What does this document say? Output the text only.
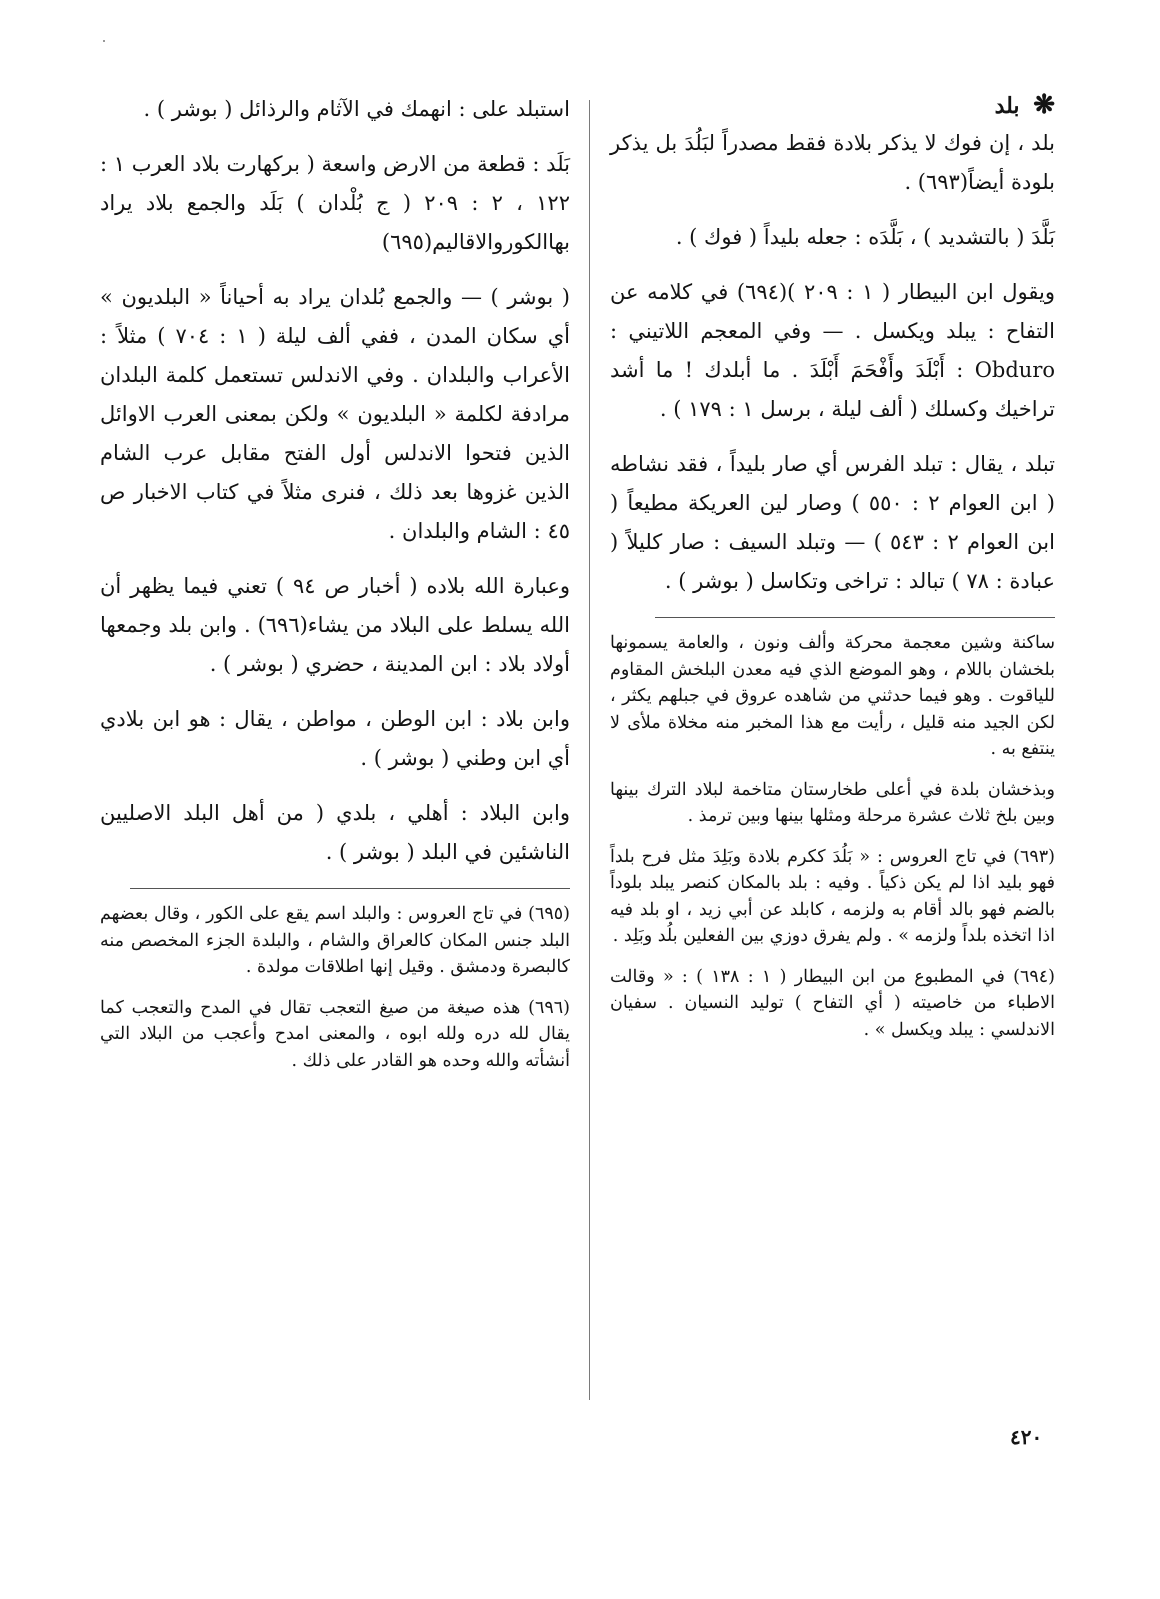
❋ بلد

بلد ، إن فوك لا يذكر بلادة فقط مصدراً لبَلُدَ بل يذكر بلودة أيضاً(٦٩٣) .

بَلَّدَ ( بالتشديد ) ، بَلَّدَه : جعله بليداً ( فوك ) .

ويقول ابن البيطار ( ١ : ٢٠٩ )(٦٩٤) في كلامه عن التفاح : يبلد ويكسل . — وفي المعجم اللاتيني : Obduro : أَبْلَدَ وأَفْحَمَ أَبْلَدَ . ما أبلدك ! ما أشد تراخيك وكسلك ( ألف ليلة ، برسل ١ : ١٧٩ ) .

تبلد ، يقال : تبلد الفرس أي صار بليداً ، فقد نشاطه ( ابن العوام ٢ : ٥٥٠ ) وصار لين العريكة مطيعاً ( ابن العوام ٢ : ٥٤٣ ) — وتبلد السيف : صار كليلاً ( عبادة : ٧٨ ) تبالد : تراخى وتكاسل ( بوشر ) .

ساكنة وشين معجمة محركة وألف ونون ، والعامة يسمونها بلخشان باللام ، وهو الموضع الذي فيه معدن البلخش المقاوم للياقوت . وهو فيما حدثني من شاهده عروق في جبلهم يكثر ، لكن الجيد منه قليل ، رأيت مع هذا المخبر منه مخلاة ملأى لا ينتفع به .

وبذخشان بلدة في أعلى طخارستان متاخمة لبلاد الترك بينها وبين بلخ ثلاث عشرة مرحلة ومثلها بينها وبين ترمذ .

(٦٩٣) في تاج العروس : « بَلُدَ ككرم بلادة وبَلِدَ مثل فرح بلداً فهو بليد اذا لم يكن ذكياً . وفيه : بلد بالمكان كنصر يبلد بلوداً بالضم فهو بالد أقام به ولزمه ، كابلد عن أبي زيد ، او بلد فيه اذا اتخذه بلداً ولزمه » . ولم يفرق دوزي بين الفعلين بلُد وبَلِد .

(٦٩٤) في المطبوع من ابن البيطار ( ١ : ١٣٨ ) : « وقالت الاطباء من خاصيته ( أي التفاح ) توليد النسيان . سفيان الاندلسي : يبلد ويكسل » .

استبلد على : انهمك في الآثام والرذائل ( بوشر ) .

بَلَد : قطعة من الارض واسعة ( بركهارت بلاد العرب ١ : ١٢٢ ، ٢ : ٢٠٩ ( ج بُلْدان ) بَلَد والجمع بلاد يراد بهاالكوروالاقاليم(٦٩٥)

( بوشر ) — والجمع بُلدان يراد به أحياناً « البلديون » أي سكان المدن ، ففي ألف ليلة ( ١ : ٧٠٤ ) مثلاً : الأعراب والبلدان . وفي الاندلس تستعمل كلمة البلدان مرادفة لكلمة « البلديون » ولكن بمعنى العرب الاوائل الذين فتحوا الاندلس أول الفتح مقابل عرب الشام الذين غزوها بعد ذلك ، فنرى مثلاً في كتاب الاخبار ص ٤٥ : الشام والبلدان .

وعبارة الله بلاده ( أخبار ص ٩٤ ) تعني فيما يظهر أن الله يسلط على البلاد من يشاء(٦٩٦) . وابن بلد وجمعها أولاد بلاد : ابن المدينة ، حضري ( بوشر ) .

وابن بلاد : ابن الوطن ، مواطن ، يقال : هو ابن بلادي أي ابن وطني ( بوشر ) .

وابن البلاد : أهلي ، بلدي ( من أهل البلد الاصليين الناشئين في البلد ( بوشر ) .

(٦٩٥) في تاج العروس : والبلد اسم يقع على الكور ، وقال بعضهم البلد جنس المكان كالعراق والشام ، والبلدة الجزء المخصص منه كالبصرة ودمشق . وقيل إنها اطلاقات مولدة .

(٦٩٦) هذه صيغة من صيغ التعجب تقال في المدح والتعجب كما يقال لله دره ولله ابوه ، والمعنى امدح وأعجب من البلاد التي أنشأته والله وحده هو القادر على ذلك .

٤٢٠
